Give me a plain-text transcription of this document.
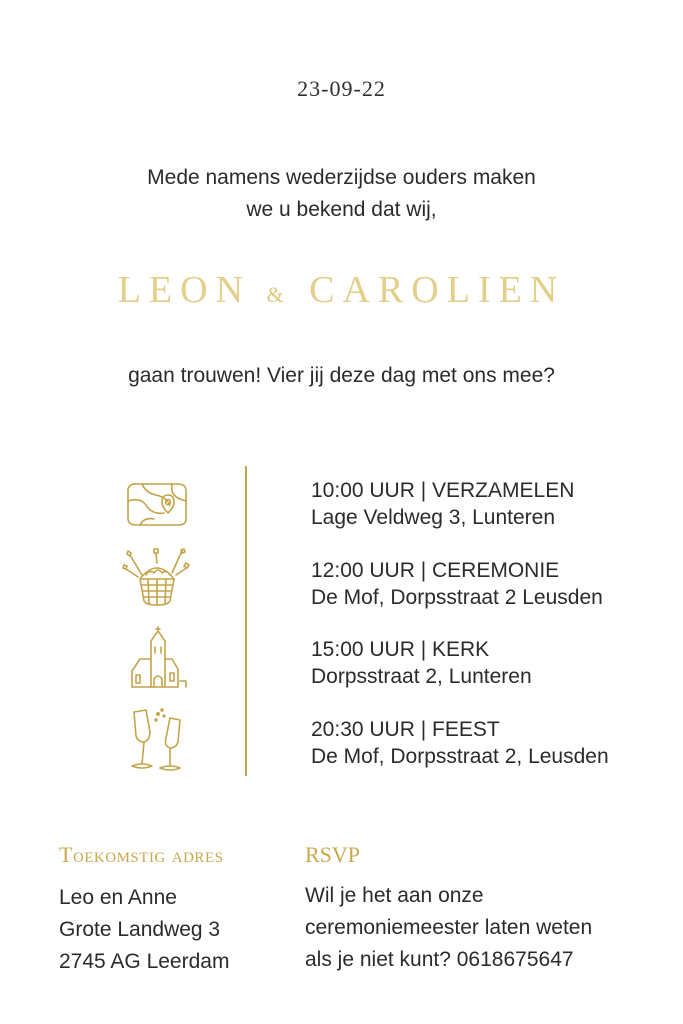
23-09-22
Mede namens wederzijdse ouders maken
we u bekend dat wij,
LEON & CAROLIEN
gaan trouwen! Vier jij deze dag met ons mee?
10:00 UUR | VERZAMELEN
Lage Veldweg 3, Lunteren
12:00 UUR | CEREMONIE
De Mof, Dorpsstraat 2 Leusden
15:00 UUR | KERK
Dorpsstraat 2, Lunteren
20:30 UUR | FEEST
De Mof, Dorpsstraat 2, Leusden
Toekomstig adres
Leo en Anne
Grote Landweg 3
2745 AG Leerdam
RSVP
Wil je het aan onze
ceremoniemeester laten weten
als je niet kunt? 0618675647
